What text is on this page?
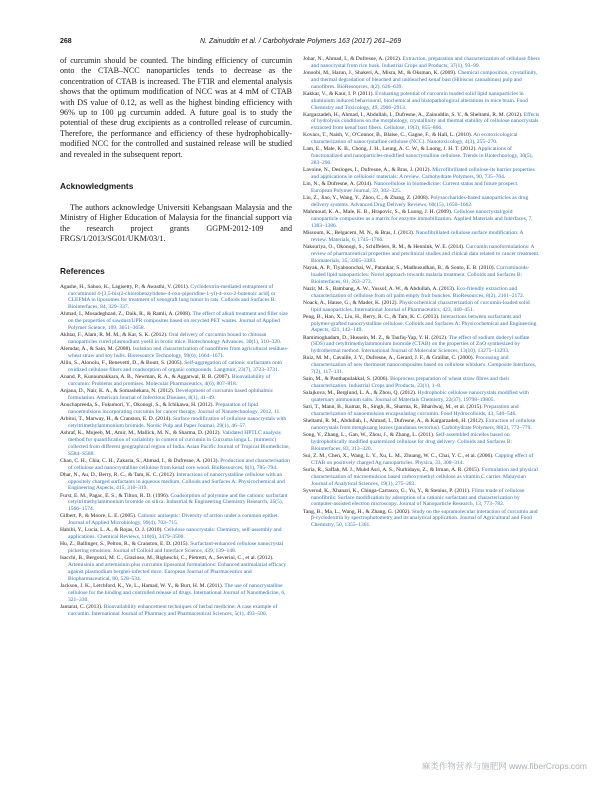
268	N. Zainuddin et al. / Carbohydrate Polymers 163 (2017) 261–269

of curcumin should be counted. The binding efficiency of curcumin onto the CTAB–NCC nanoparticles tends to decrease as the concentration of CTAB is increased. The FTIR and elemental analysis shows that the optimum modification of NCC was at 4 mM of CTAB with DS value of 0.12, as well as the highest binding efficiency with 96% up to 100 μg curcumin added. A future goal is to study the potential of these drug excipients as a controlled release of curcumin. Therefore, the performance and efficiency of these hydrophobically-modified NCC for the controlled and sustained release will be studied and revealed in the subsequent report.

Acknowledgments

The authors acknowledge Universiti Kebangsaan Malaysia and the Ministry of Higher Education of Malaysia for the financial support via the research project grants GGPM-2012-109 and FRGS/1/2013/SG01/UKM/03/1.

References

Agashe, H., Sahoo, K., Lagisetty, P., & Awasthi, V. (2011). Cyclodextrin-mediated entrapment of curcuminoid 4-[3,5-bis(2-chlorobenzylidene-4-oxo-piperidine-1-yl)-4-oxo-2-butenoic acid] or CLEFMA in liposomes for treatment of xenograft lung tumor in rats. Colloids and Surfaces B: Biointerfaces, 84, 329–337.

Ahmad, I., Mosadeghzad, Z., Daik, R., & Ramli, A. (2008). The effect of alkali treatment and filler size on the properties of sawdust/UPR composites based on recycled PET wastes. Journal of Applied Polymer Science, 109, 3651–3658.

Akhtar, F., Alam, R. M. M., & Kar, S. K. (2012). Oral delivery of curcumin bound to chitosan nanoparticles cured plasmodium yoelii in brotic mice. Biotechnology Advances, 30(1), 310–320.

Alemdar, A., & Sain, M. (2008). Isolation and characterization of nanofibres from agricultural residues-wheat straw and soy hulls. Bioresource Technology, 99(6), 1664–1671.

Aliiu, S., Alonolu, F., Benevetti, D., & Boutt, S. (2005). Self-aggregation of cationic surfactants onto oxidized cellulose fibers and coadsorption of organic compounds. Langmuir, 23(7), 3723–3731.

Anand, P., Kunnumakkara, A. B., Newman, R. A., & Aggarwal, B. B. (2007). Bioavailability of curcumin: Problems and promises. Molecular Pharmaceutics, 4(6), 807–818.

Anjana, D., Nair, K. A., & Somashekara, N. (2012). Development of curcumin based ophthalmic formulation. American Journal of Infectious Diseases, 8(1), 41–49.

Anuchapreeda, S., Fukumori, Y., Okonogi, S., & Ichikawa, H. (2012). Preparation of lipid nanoemulsions incorporating curcumin for cancer therapy. Journal of Nanotechnology, 2012, 11.

Arbitoi, T., Marway, H., & Cranston, E. D. (2014). Surface modification of cellulose nanocrystals with cetyltrimethylammonium bromide. Nordic Pulp and Paper Journal, 29(1), 46–57.

Ashraf, K., Mujeeb, M., Amir, M., Mallick, M. N., & Sharma, D. (2012). Validated HPTLC analysis method for quantification of variability in content of curcumin in Curcuma longa L. (turmeric) collected from different geographical region of India. Asian Pacific Journal of Tropical Biomedicine, S584–S588.

Chan, C. H., Chia, C. H., Zakaria, S., Ahmad, I., & Dufresne, A. (2013). Production and characterisation of cellulose and nanocrystalline cellulose from kenaf core wood. BioResources, 8(1), 785–794.

Dhar, N., Au, D., Berry, R. C., & Tam, K. C. (2012). Interactions of nanocrystalline cellulose with an oppositely charged surfactants in aqueous medium. Colloids and Surfaces A: Physicochemical and Engineering Aspects, 415, 310–319.

Furst, E. M., Pagac, E. S., & Tilton, R. D. (1996). Coadsorption of polymine and the cationic surfactant cetyltrimethylammonium bromide on silica. Industrial & Engineering Chemistry Research, 35(5), 1566–1574.

Gilbert, P., & Moore, L. E. (2005). Cationic antiseptic: Diversity of action under a common epithet. Journal of Applied Microbiology, 99(4), 703–715.

Habibi, Y., Lucia, L. A., & Rojas, O. J. (2010). Cellulose nanocrystals: Chemistry, self-assembly and applications. Chemical Reviews, 110(6), 3479–3500.

Hu, Z., Ballinger, S., Pelton, R., & Cranston, E. D. (2015). Surfactant-enhanced cellulose nanocrystal pickering emulsion. Journal of Colloid and Interface Science, 439, 139–148.

Isacchi, B., Bergonzi, M. C., Grazioso, M., Righeschi, C., Pietretti, A., Severini, C., et al. (2012). Artemisinin and artemisinin plus curcumin liposomal formulations: Enhanced antimalarial efficacy against plasmodium berghei-infected mice. European Journal of Pharmaceutics and Biopharmaceutical, 80, 528–534.

Jackson, J. K., Letchford, K., Ye, L., Hamad, W. Y., & Burt, H. M. (2011). The use of nanocrystalline cellulose for the binding and controlled release of drugs. International Journal of Nanomedicine, 6, 321–330.

Jantarat, C. (2013). Bioavailability enhancement techniques of herbal medicine: A case example of curcumin. International Journal of Pharmacy and Pharmaceutical Sciences, 5(1), 493–500.

Johar, N., Ahmad, I., & Dufresne, A. (2012). Extraction, preparation and characterization of cellulose fibers and nanocrystal from rice husk. Industrial Crops and Products, 37(1), 93–99.

Jonoobi, M., Harun, J., Shakeri, A., Misra, M., & Oksman, K. (2009). Chemical composition, crystallinity, and thermal degradation of bleached and unbleached kenaf bast (Hibiscus cannabinus) pulp and nanofibres. BioResources, 4(2), 626–639.

Kakkar, V., & Kaur, I. P. (2011). Evaluating potential of curcumin loaded solid lipid nanoparticles in aluminium induced behavioural, biochemical and histopathological alterations in mice brain. Food Chemistry and Toxicology, 49, 2906–2913.

Kargarzadeh, H., Ahmad, I., Abdullah, I., Dufresne, A., Zainuddin, S. Y., & Sheltami, R. M. (2012). Effects of hydrolysis conditions on the morphology, crystallinity and thermal stability of cellulose nanocrystals extracted from kenaf bast fibers. Cellulose, 19(3), 855–866.

Kovacs, T., Naish, V., O'Connor, B., Blaise, C., Gagne, F., & Hall, L. (2010). An ecotoxicological characterization of nanocrystalline cellulose (NCC). Nanotoxicology, 4(3), 255–270.

Lam, E., Male, K. B., Chong, J. H., Leung, A. C. W., & Luong, J. H. T. (2012). Applications of functionalized and nanoparticles-modified nanocrystalline cellulose. Trends in Biotechnology, 30(5), 283–290.

Lavoine, N., Desloges, I., Dufresne, A., & Bras, J. (2012). Microfibrillated cellulose-its barrier properties and applications in cellulosic materials: A review. Carbohydrate Polymers, 90, 735–764.

Lin, N., & Dufresne, A. (2014). Nanocellulose in biomedicine: Current status and future prospect. European Polymer Journal, 59, 302–325.

Liu, Z., Jiao, Y., Wang, Y., Zhou, C., & Zhang, Z. (2008). Polysaccharides-based nanoparticles as drug delivery systems. Advanced Drug Delivery Reviews, 60(15), 1650–1662.

Mahmoud, K. A., Male, K. B., Hrapovic, S., & Luong, J. H. (2009). Cellulose nanocrystal/gold nanoparticle composites as a matrix for enzyme immobilization. Applied Materials and Interfaces, 7, 1383–1386.

Missoum, K., Belgacem, M. N., & Bras, J. (2013). Nanofibrillated cellulose surface modification: A review. Materials, 6, 1745–1766.

Naksuriya, O., Okonogi, S., Schiffelers, R. M., & Hennink, W. E. (2014). Curcumin nanoformulations: A review of pharmaceutical properties and preclinical studies and clinical data related to cancer treatment. Biomaterials, 35, 3365–3383.

Nayak, A. P., Tiyaboonchai, W., Patankar, S., Madhusudhan, B., & Souto, E. B. (2010). Curcuminoids-loaded lipid nanoparticles: Novel approach towards malaria treatment. Colloids and Surfaces B: Biointerfaces, 81, 263–273.

Nazir, M. S., Bambang, A. W., Yussof, A. W., & Abdullah, A. (2013). Eco-friendly extraction and characterization of cellulose from oil palm empty fruit bunches. BioResources, 8(2), 2161–2172.

Noack, A., Hause, G., & Mader, K. (2012). Physicochemical characterization of curcumin-loaded solid lipid nanoparticles. International Journal of Pharmaceutics, 423, 440–451.

Peng, B., Han, X., Liu, H., Berry, R. C., & Tam, K. C. (2013). Interactions between surfactants and polymer-grafted nanocrystalline cellulose. Colloids and Surfaces A: Physicochemical and Engineering Aspects, 421, 142–149.

Ramimoghadam, D., Hussein, M. Z., & Taufiq-Yap, Y. H. (2012). The effect of sodium dodecyl sulfate (SDS) and cetyltrimethylammonium bromide (CTAB) on the properties of ZnO synthesized by hydrothermal method. International Journal of Molecular Sciences, 13(10), 13275–13293.

Ruiz, M. M., Cavaille, J. Y., Dufresne, A., Gerard, J. F., & Graillat, C. (2000). Processing and characterization of new thermoset nanocomposites based on cellulose whiskers. Composite Interfaces, 7(2), 117–131.

Sain, M., & Panthapulakkal, S. (2006). Bioprocess preparation of wheat straw fibres and their characterization. Industrial Crops and Products, 23(1), 1–8.

Salajkova, M., Berglund, L. A., & Zhou, Q. (2012). Hydrophobic cellulose nanocrystals modified with quaternary ammonium salts. Journal of Materials Chemistry, 22(37), 19798–19805.

Sari, T., Mann, B., Kumar, R., Singh, R., Sharma, R., Bhardwaj, M., et al. (2015). Preparation and characterization of nanoemulsion encapsulating curcumin. Food Hydrocolloids, 43, 540–546.

Sheltami, R. M., Abdullah, I., Ahmad, I., Dufresne, A., & Kargarzadeh, H. (2012). Extraction of cellulose nanocrystals from mengkuang leaves (pandanus tectorius). Carbohydrate Polymers, 88(2), 772–779.

Song, Y., Zhang, L., Gan, W., Zhou, J., & Zhang, L. (2011). Self-assembled micelles based on hydrophobically modified quaternized cellulose for drug delivery. Colloids and Surfaces B: Biointerfaces, 83, 313–320.

Sui, Z. M., Chen, X., Wang, L. Y., Xu, L. M., Zhuang, W. C., Chai, Y. C., et al. (2006). Capping effect of CTAB on positively charged Ag nanoparticles. Physica, 33, 308–314.

Suria, R., Saffah, M. J., Muhd Asri, A. S., Nurhidayu, Z., & Irman, A. R. (2015). Formulation and physical characterization of microemulsion based carboxymethyl cellulose as vitamin C carrier. Malaysian Journal of Analytical Sciences, 19(1), 275–283.

Syverud, K., Xhanari, K., Chinga-Carrasco, G., Yu, Y., & Stenius, P. (2011). Films made of cellulose nanofibrils: Surface modification by adsorption of a cationic surfactant and characterization by computer-assisted electron microscopy. Journal of Nanoparticle Research, 13, 773–782.

Tang, B., Ma, L., Wang, H., & Zhang, G. (2002). Study on the supramolecular interaction of curcumin and β-cyclodextrin by spectrophotometry and its analytical application. Journal of Agricultural and Food Chemistry, 50, 1355–1361.

麻类作物营养与施肥网 www.fiberCrops.com
